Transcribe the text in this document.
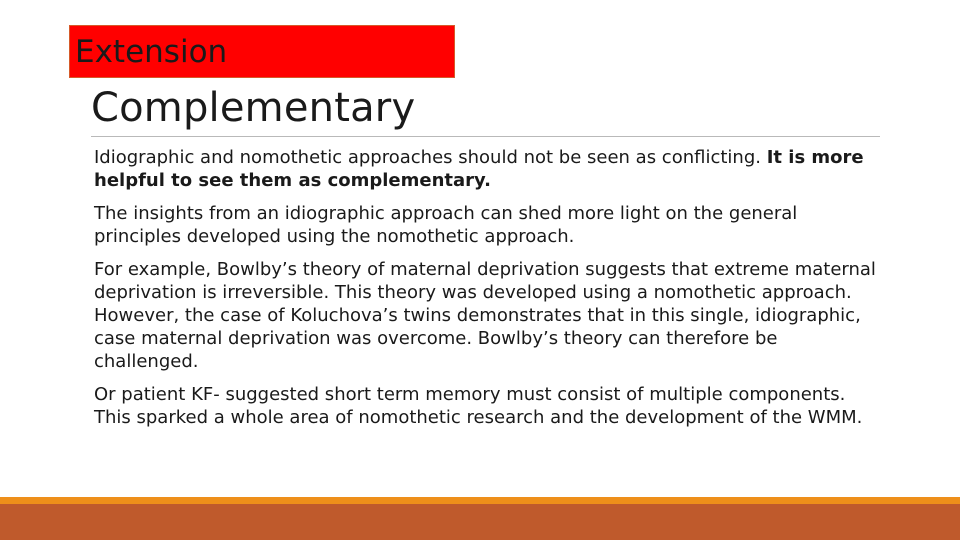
Extension
Complementary

Idiographic and nomothetic approaches should not be seen as conflicting. It is more helpful to see them as complementary.

The insights from an idiographic approach can shed more light on the general principles developed using the nomothetic approach.

For example, Bowlby’s theory of maternal deprivation suggests that extreme maternal deprivation is irreversible. This theory was developed using a nomothetic approach. However, the case of Koluchova’s twins demonstrates that in this single, idiographic, case maternal deprivation was overcome. Bowlby’s theory can therefore be challenged.

Or patient KF- suggested short term memory must consist of multiple components. This sparked a whole area of nomothetic research and the development of the WMM.
